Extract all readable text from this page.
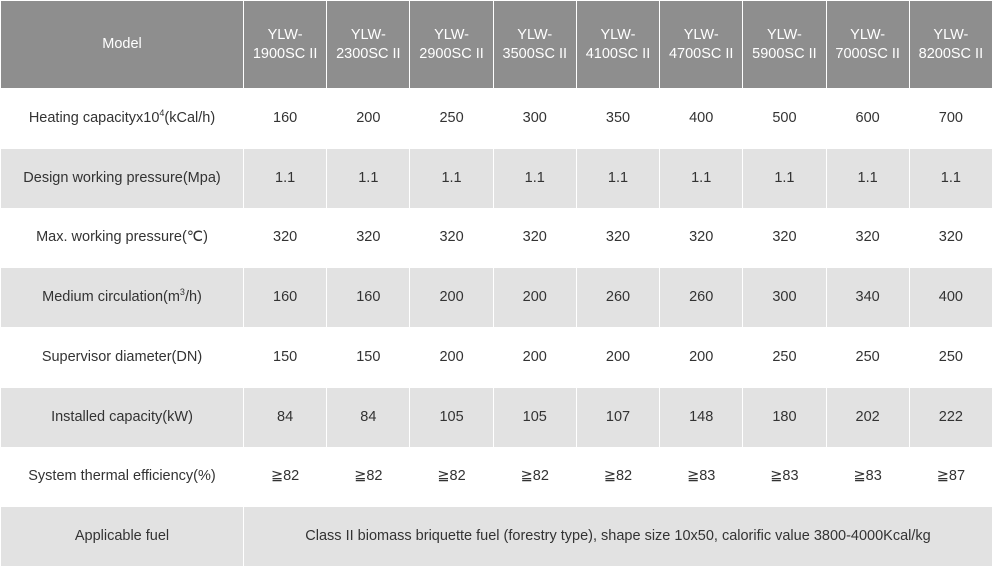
Model	YLW-1900SC II	YLW-2300SC II	YLW-2900SC II	YLW-3500SC II	YLW-4100SC II	YLW-4700SC II	YLW-5900SC II	YLW-7000SC II	YLW-8200SC II
Heating $capacityx10^4(kCal/h)$	160	200	250	300	350	400	500	600	700
Design working pressure(Mpa)	1.1	1.1	1.1	1.1	1.1	1.1	1.1	1.1	1.1
Max. working pressure(℃)	320	320	320	320	320	320	320	320	320
Medium $circulation(m^3/h)$	160	160	200	200	260	260	300	340	400
Supervisor diameter(DN)	150	150	200	200	200	200	250	250	250
Installed capacity(kW)	84	84	105	105	107	148	180	202	222
System thermal efficiency(%)	≧82	≧82	≧82	≧82	≧82	≧83	≧83	≧83	≧87
Applicable fuel	Class II biomass briquette fuel (forestry type), shape size 10x50, calorific value 3800-4000Kcal/kg								
